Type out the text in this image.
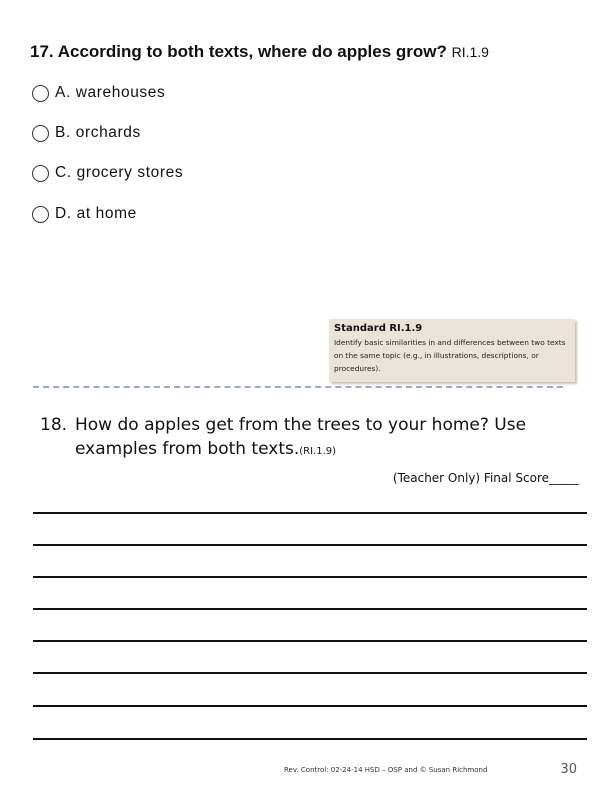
17. According to both texts, where do apples grow? RI.1.9
A. warehouses
B. orchards
C. grocery stores
D. at home
Standard RI.1.9
Identify basic similarities in and differences between two texts on the same topic (e.g., in illustrations, descriptions, or procedures).
18. How do apples get from the trees to your home? Use examples from both texts.(RI.1.9)
(Teacher Only) Final Score_____
Rev. Control: 02-24-14 HSD – OSP and © Susan Richmond	30
